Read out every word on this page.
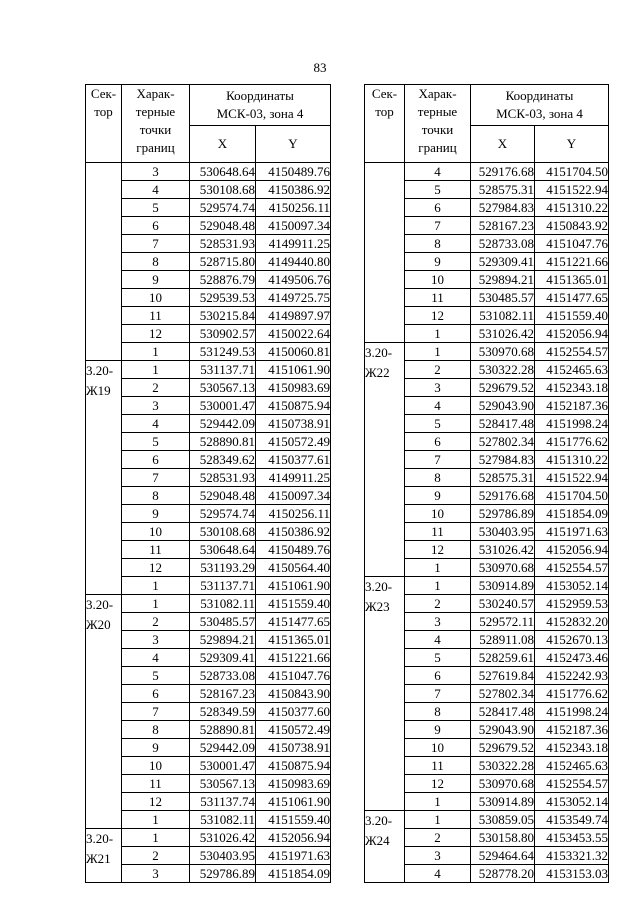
83
Сек-
тор	Харак-
терные
точки
границ	Координаты
МСК-03, зона 4	

		X	Y
	3	530648.64	4150489.76
	4	530108.68	4150386.92
	5	529574.74	4150256.11
	6	529048.48	4150097.34
	7	528531.93	4149911.25
	8	528715.80	4149440.80
	9	528876.79	4149506.76
	10	529539.53	4149725.75
	11	530215.84	4149897.97
	12	530902.57	4150022.64
	1	531249.53	4150060.81

3.20-
Ж19	1	531137.71	4151061.90
	2	530567.13	4150983.69
	3	530001.47	4150875.94
	4	529442.09	4150738.91
	5	528890.81	4150572.49
	6	528349.62	4150377.61
	7	528531.93	4149911.25
	8	529048.48	4150097.34
	9	529574.74	4150256.11
	10	530108.68	4150386.92
	11	530648.64	4150489.76
	12	531193.29	4150564.40
	1	531137.71	4151061.90

3.20-
Ж20	1	531082.11	4151559.40
	2	530485.57	4151477.65
	3	529894.21	4151365.01
	4	529309.41	4151221.66
	5	528733.08	4151047.76
	6	528167.23	4150843.90
	7	528349.59	4150377.60
	8	528890.81	4150572.49
	9	529442.09	4150738.91
	10	530001.47	4150875.94
	11	530567.13	4150983.69
	12	531137.74	4151061.90
	1	531082.11	4151559.40

3.20-
Ж21	1	531026.42	4152056.94
	2	530403.95	4151971.63
	3	529786.89	4151854.09
Сек-
тор	Харак-
терные
точки
границ	Координаты
МСК-03, зона 4	

		X	Y
	4	529176.68	4151704.50
	5	528575.31	4151522.94
	6	527984.83	4151310.22
	7	528167.23	4150843.92
	8	528733.08	4151047.76
	9	529309.41	4151221.66
	10	529894.21	4151365.01
	11	530485.57	4151477.65
	12	531082.11	4151559.40
	1	531026.42	4152056.94

3.20-
Ж22	1	530970.68	4152554.57
	2	530322.28	4152465.63
	3	529679.52	4152343.18
	4	529043.90	4152187.36
	5	528417.48	4151998.24
	6	527802.34	4151776.62
	7	527984.83	4151310.22
	8	528575.31	4151522.94
	9	529176.68	4151704.50
	10	529786.89	4151854.09
	11	530403.95	4151971.63
	12	531026.42	4152056.94
	1	530970.68	4152554.57

3.20-
Ж23	1	530914.89	4153052.14
	2	530240.57	4152959.53
	3	529572.11	4152832.20
	4	528911.08	4152670.13
	5	528259.61	4152473.46
	6	527619.84	4152242.93
	7	527802.34	4151776.62
	8	528417.48	4151998.24
	9	529043.90	4152187.36
	10	529679.52	4152343.18
	11	530322.28	4152465.63
	12	530970.68	4152554.57
	1	530914.89	4153052.14

3.20-
Ж24	1	530859.05	4153549.74
	2	530158.80	4153453.55
	3	529464.64	4153321.32
	4	528778.20	4153153.03
